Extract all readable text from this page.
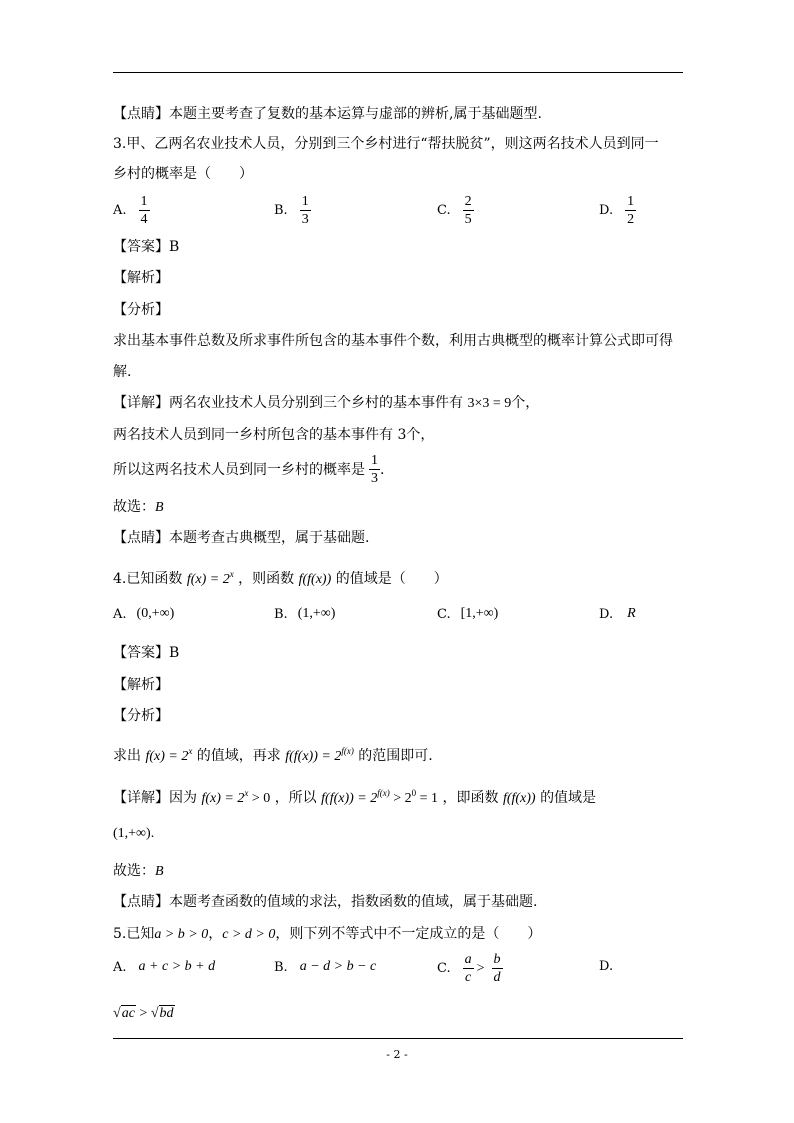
【点睛】本题主要考查了复数的基本运算与虚部的辨析,属于基础题型.
3.甲、乙两名农业技术人员，分别到三个乡村进行“帮扶脱贫”，则这两名技术人员到同一
乡村的概率是（　　）
A. $\frac{1}{4}$	B. $\frac{1}{3}$	C. $\frac{2}{5}$	D. $\frac{1}{2}$
【答案】B
【解析】
【分析】
求出基本事件总数及所求事件所包含的基本事件个数，利用古典概型的概率计算公式即可得
解.
【详解】两名农业技术人员分别到三个乡村的基本事件有 3×3 = 9个，
两名技术人员到同一乡村所包含的基本事件有 3个，
所以这两名技术人员到同一乡村的概率是 $\frac{1}{3}$ .
故选：B
【点睛】本题考查古典概型，属于基础题.
4.已知函数 $f(x) = 2^x$ ，则函数 f(f(x)) 的值域是（　　）
A. (0,+∞)	B. (1,+∞)	C. [1,+∞)	D. R
【答案】B
【解析】
【分析】
求出 $f(x) = 2^x$ 的值域，再求 $f(f(x)) = 2^{f(x)}$ 的范围即可.
【详解】因为 $f(x) = 2^x > 0$ ，所以 $f(f(x)) = 2^{f(x)} > 2^0 = 1$ ，即函数 f(f(x)) 的值域是
(1,+∞).
故选：B
【点睛】本题考查函数的值域的求法，指数函数的值域，属于基础题.
5.已知a > b > 0，c > d > 0，则下列不等式中不一定成立的是（　　）
A. a + c > b + d	B. a − d > b − c	C. $\frac{a}{c} > \frac{b}{d}$	D.
√ac > √bd
- 2 -
